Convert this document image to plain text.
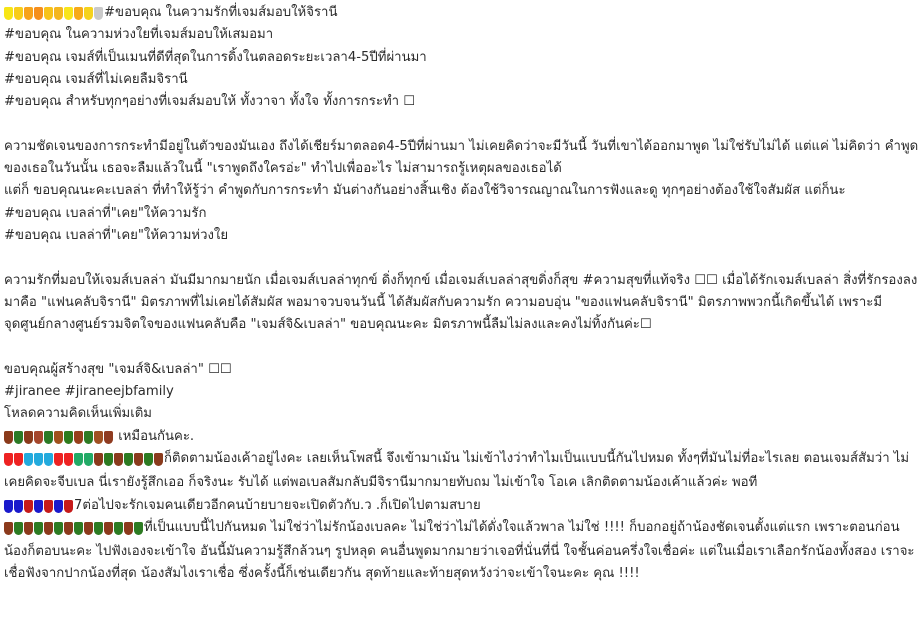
#ขอบคุณ ในความรักที่เจมส์มอบให้จิรานี
#ขอบคุณ ในความห่วงใยที่เจมส์มอบให้เสมอมา
#ขอบคุณ เจมส์ที่เป็นเมนที่ดีที่สุดในการดิ้งในตลอดระยะเวลา4-5ปีที่ผ่านมา
#ขอบคุณ เจมส์ที่ไม่เคยลืมจิรานี
#ขอบคุณ สำหรับทุกๆอย่างที่เจมส์มอบให้ ทั้งวาจา ทั้งใจ ทั้งการกระทำ ☐
ความชัดเจนของการกระทำมีอยู่ในตัวของมันเอง ถึงได้เชียร์มาตลอด4-5ปีที่ผ่านมา ไม่เคยคิดว่าจะมีวันนี้ วันที่เขาได้ออกมาพูด ไม่ใช่รับไม่ได้ แต่แค่ ไม่คิดว่า คำพูดของเธอในวันนั้น เธอจะลืมแล้วในนี้ "เราพูดถึงใครอ่ะ" ทำไปเพื่ออะไร ไม่สามารถรู้เหตุผลของเธอได้
แต่ก็ ขอบคุณนะคะเบลล่า ที่ทำให้รู้ว่า คำพูดกับการกระทำ มันต่างกันอย่างสิ้นเชิง ต้องใช้วิจารณญาณในการฟังและดู ทุกๆอย่างต้องใช้ใจสัมผัส แต่ก็นะ
#ขอบคุณ เบลล่าที่"เคย"ให้ความรัก
#ขอบคุณ เบลล่าที่"เคย"ให้ความห่วงใย
ความรักที่มอบให้เจมส์เบลล่า มันมีมากมายนัก เมื่อเจมส์เบลล่าทุกข์ ดิ่งก็ทุกข์ เมื่อเจมส์เบลล่าสุขดิ่งก็สุข #ความสุขที่แท้จริง ☐☐ เมื่อได้รักเจมส์เบลล่า สิ่งที่รักรองลงมาคือ "แฟนคลับจิรานี" มิตรภาพที่ไม่เคยได้สัมผัส พอมาจวบจนวันนี้ ได้สัมผัสกับความรัก ความอบอุ่น "ของแฟนคลับจิรานี" มิตรภาพพวกนี้เกิดขึ้นได้ เพราะมี จุดศูนย์กลางศูนย์รวมจิตใจของแฟนคลับคือ "เจมส์จิ&เบลล่า" ขอบคุณนะคะ มิตรภาพนี้ลืมไม่ลงและคงไม่ทิ้งกันค่ะ☐
ขอบคุณผู้สร้างสุข "เจมส์จิ&เบลล่า" ☐☐
#jiranee #jiraneejbfamily
โหลดความคิดเห็นเพิ่มเติม
เหมือนกันคะ.
ก็ติดตามน้องเค้าอยู่ไงคะ เลยเห็นโพสนี้ จึงเข้ามาเม้น ไม่เข้าไงว่าทำไมเป็นแบบนี้กันไปหมด ทั้งๆที่มันไม่ที่อะไรเลย ตอนเจมส์สัมว่า ไม่เคยคิดจะจีบเบล นี่เรายังรู้สึกเออ ก็จริงนะ รับได้ แต่พอเบลสัมกลับมีจิรานีมากมายทับถม ไม่เข้าใจ โอเค เลิกติดตามน้องเค้าแล้วค่ะ พอที
7ต่อไปจะรักเจมคนเดียวอีกคนบ้ายบายจะเปิดตัวกับ.ว .ก็เปิดไปตามสบาย
ที่เป็นแบบนี้ไปกันหมด ไม่ใช่ว่าไม่รักน้องเบลคะ ไม่ใช่ว่าไม่ได้ดั่งใจแล้วพาล ไม่ใช่ !!!! ก็บอกอยู่ถ้าน้องชัดเจนตั้งแต่แรก เพราะตอนก่อนน้องก็ตอบนะคะ ไปฟังเองจะเข้าใจ อันนี้มันความรู้สึกล้วนๆ รูปหลุด คนอื่นพูดมากมายว่าเจอที่นั่นที่นี่ ใจชั้นค่อนครึ่งใจเชื่อค่ะ แต่ในเมื่อเราเลือกรักน้องทั้งสอง เราจะเชื่อฟังจากปากน้องที่สุด น้องสัมไงเราเชื่อ ซึ่งครั้งนี้ก็เช่นเดียวกัน สุดท้ายและท้ายสุดหวังว่าจะเข้าใจนะคะ คุณ !!!!
